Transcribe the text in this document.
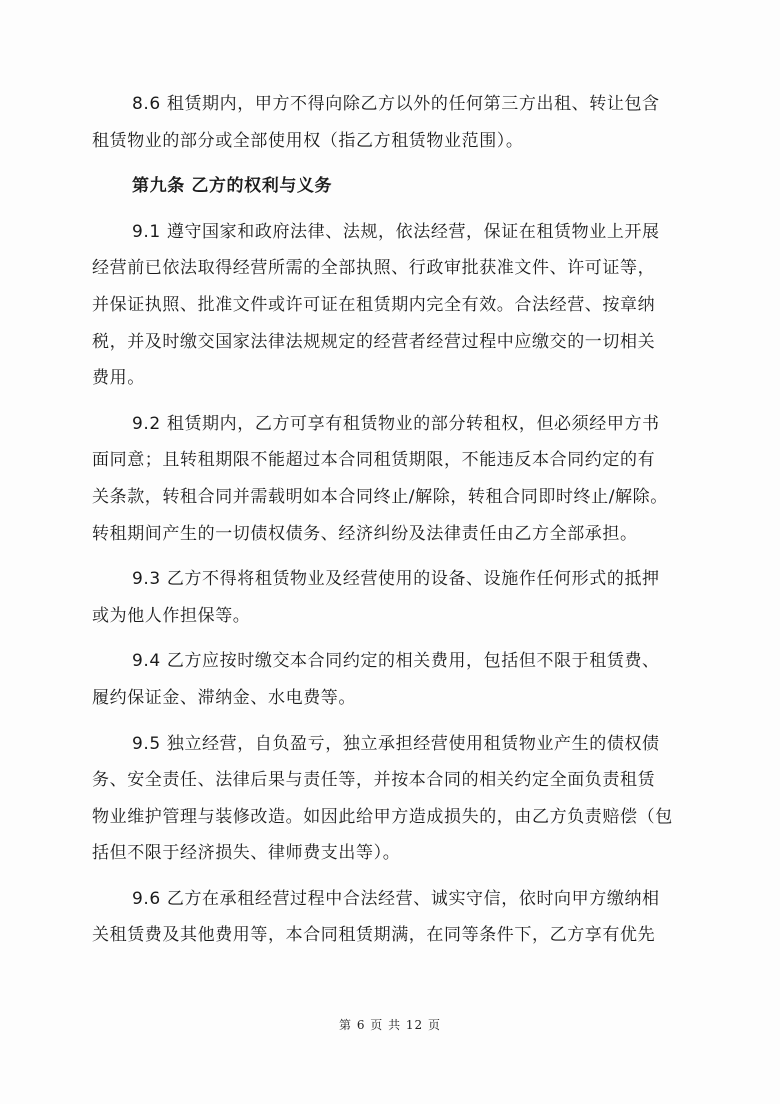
8.6 租赁期内，甲方不得向除乙方以外的任何第三方出租、转让包含
租赁物业的部分或全部使用权（指乙方租赁物业范围）。
第九条 乙方的权利与义务
9.1 遵守国家和政府法律、法规，依法经营，保证在租赁物业上开展
经营前已依法取得经营所需的全部执照、行政审批获准文件、许可证等，
并保证执照、批准文件或许可证在租赁期内完全有效。合法经营、按章纳
税，并及时缴交国家法律法规规定的经营者经营过程中应缴交的一切相关
费用。
9.2 租赁期内，乙方可享有租赁物业的部分转租权，但必须经甲方书
面同意；且转租期限不能超过本合同租赁期限，不能违反本合同约定的有
关条款，转租合同并需载明如本合同终止/解除，转租合同即时终止/解除。
转租期间产生的一切债权债务、经济纠纷及法律责任由乙方全部承担。
9.3 乙方不得将租赁物业及经营使用的设备、设施作任何形式的抵押
或为他人作担保等。
9.4 乙方应按时缴交本合同约定的相关费用，包括但不限于租赁费、
履约保证金、滞纳金、水电费等。
9.5 独立经营，自负盈亏，独立承担经营使用租赁物业产生的债权债
务、安全责任、法律后果与责任等，并按本合同的相关约定全面负责租赁
物业维护管理与装修改造。如因此给甲方造成损失的，由乙方负责赔偿（包
括但不限于经济损失、律师费支出等）。
9.6 乙方在承租经营过程中合法经营、诚实守信，依时向甲方缴纳相
关租赁费及其他费用等，本合同租赁期满，在同等条件下，乙方享有优先
第 6 页 共 12 页
